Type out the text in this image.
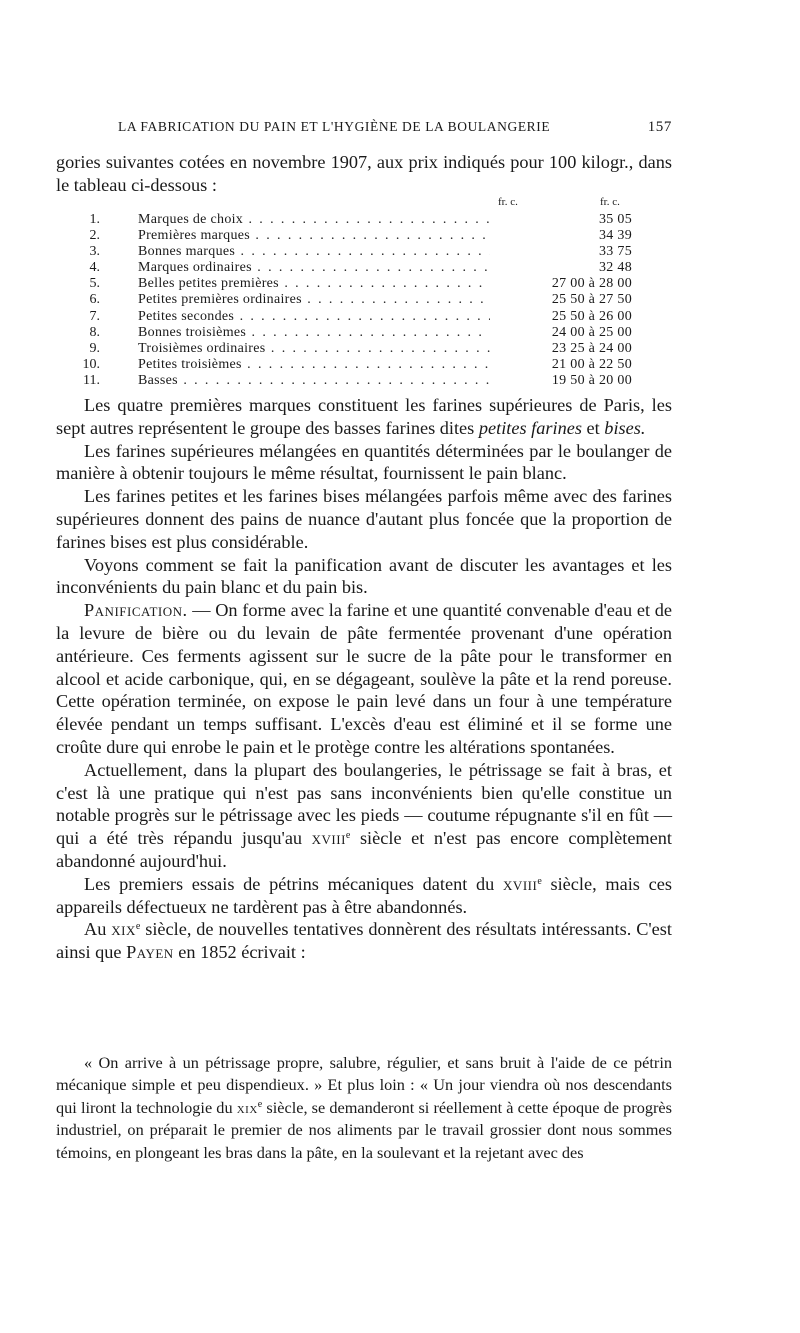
LA FABRICATION DU PAIN ET L'HYGIÈNE DE LA BOULANGERIE	157

gories suivantes cotées en novembre 1907, aux prix indiqués pour 100 kilogr., dans le tableau ci-dessous :

fr. c.	fr. c.
1.	Marques de choix . . .	35 05
2.	Premières marques . . .	34 39
3.	Bonnes marques . . .	33 75
4.	Marques ordinaires . . .	32 48
5.	Belles petites premières . . .	27 00 à 28 00
6.	Petites premières ordinaires . . .	25 50 à 27 50
7.	Petites secondes . . .	25 50 à 26 00
8.	Bonnes troisièmes . . .	24 00 à 25 00
9.	Troisièmes ordinaires . . .	23 25 à 24 00
10.	Petites troisièmes . . .	21 00 à 22 50
11.	Basses . . .	19 50 à 20 00

Les quatre premières marques constituent les farines supérieures de Paris, les sept autres représentent le groupe des basses farines dites petites farines et bises.

Les farines supérieures mélangées en quantités déterminées par le boulanger de manière à obtenir toujours le même résultat, fournissent le pain blanc.

Les farines petites et les farines bises mélangées parfois même avec des farines supérieures donnent des pains de nuance d'autant plus foncée que la proportion de farines bises est plus considérable.

Voyons comment se fait la panification avant de discuter les avantages et les inconvénients du pain blanc et du pain bis.

Panification. — On forme avec la farine et une quantité convenable d'eau et de la levure de bière ou du levain de pâte fermentée provenant d'une opération antérieure. Ces ferments agissent sur le sucre de la pâte pour le transformer en alcool et acide carbonique, qui, en se dégageant, soulève la pâte et la rend poreuse. Cette opération terminée, on expose le pain levé dans un four à une température élevée pendant un temps suffisant. L'excès d'eau est éliminé et il se forme une croûte dure qui enrobe le pain et le protège contre les altérations spontanées.

Actuellement, dans la plupart des boulangeries, le pétrissage se fait à bras, et c'est là une pratique qui n'est pas sans inconvénients bien qu'elle constitue un notable progrès sur le pétrissage avec les pieds — coutume répugnante s'il en fût — qui a été très répandu jusqu'au xviii$^e$ siècle et n'est pas encore complètement abandonné aujourd'hui.

Les premiers essais de pétrins mécaniques datent du xviii$^e$ siècle, mais ces appareils défectueux ne tardèrent pas à être abandonnés.

Au xix$^e$ siècle, de nouvelles tentatives donnèrent des résultats intéressants. C'est ainsi que Payen en 1852 écrivait :

« On arrive à un pétrissage propre, salubre, régulier, et sans bruit à l'aide de ce pétrin mécanique simple et peu dispendieux. » Et plus loin : « Un jour viendra où nos descendants qui liront la technologie du xix$^e$ siècle, se demanderont si réellement à cette époque de progrès industriel, on préparait le premier de nos aliments par le travail grossier dont nous sommes témoins, en plongeant les bras dans la pâte, en la soulevant et la rejetant avec des
